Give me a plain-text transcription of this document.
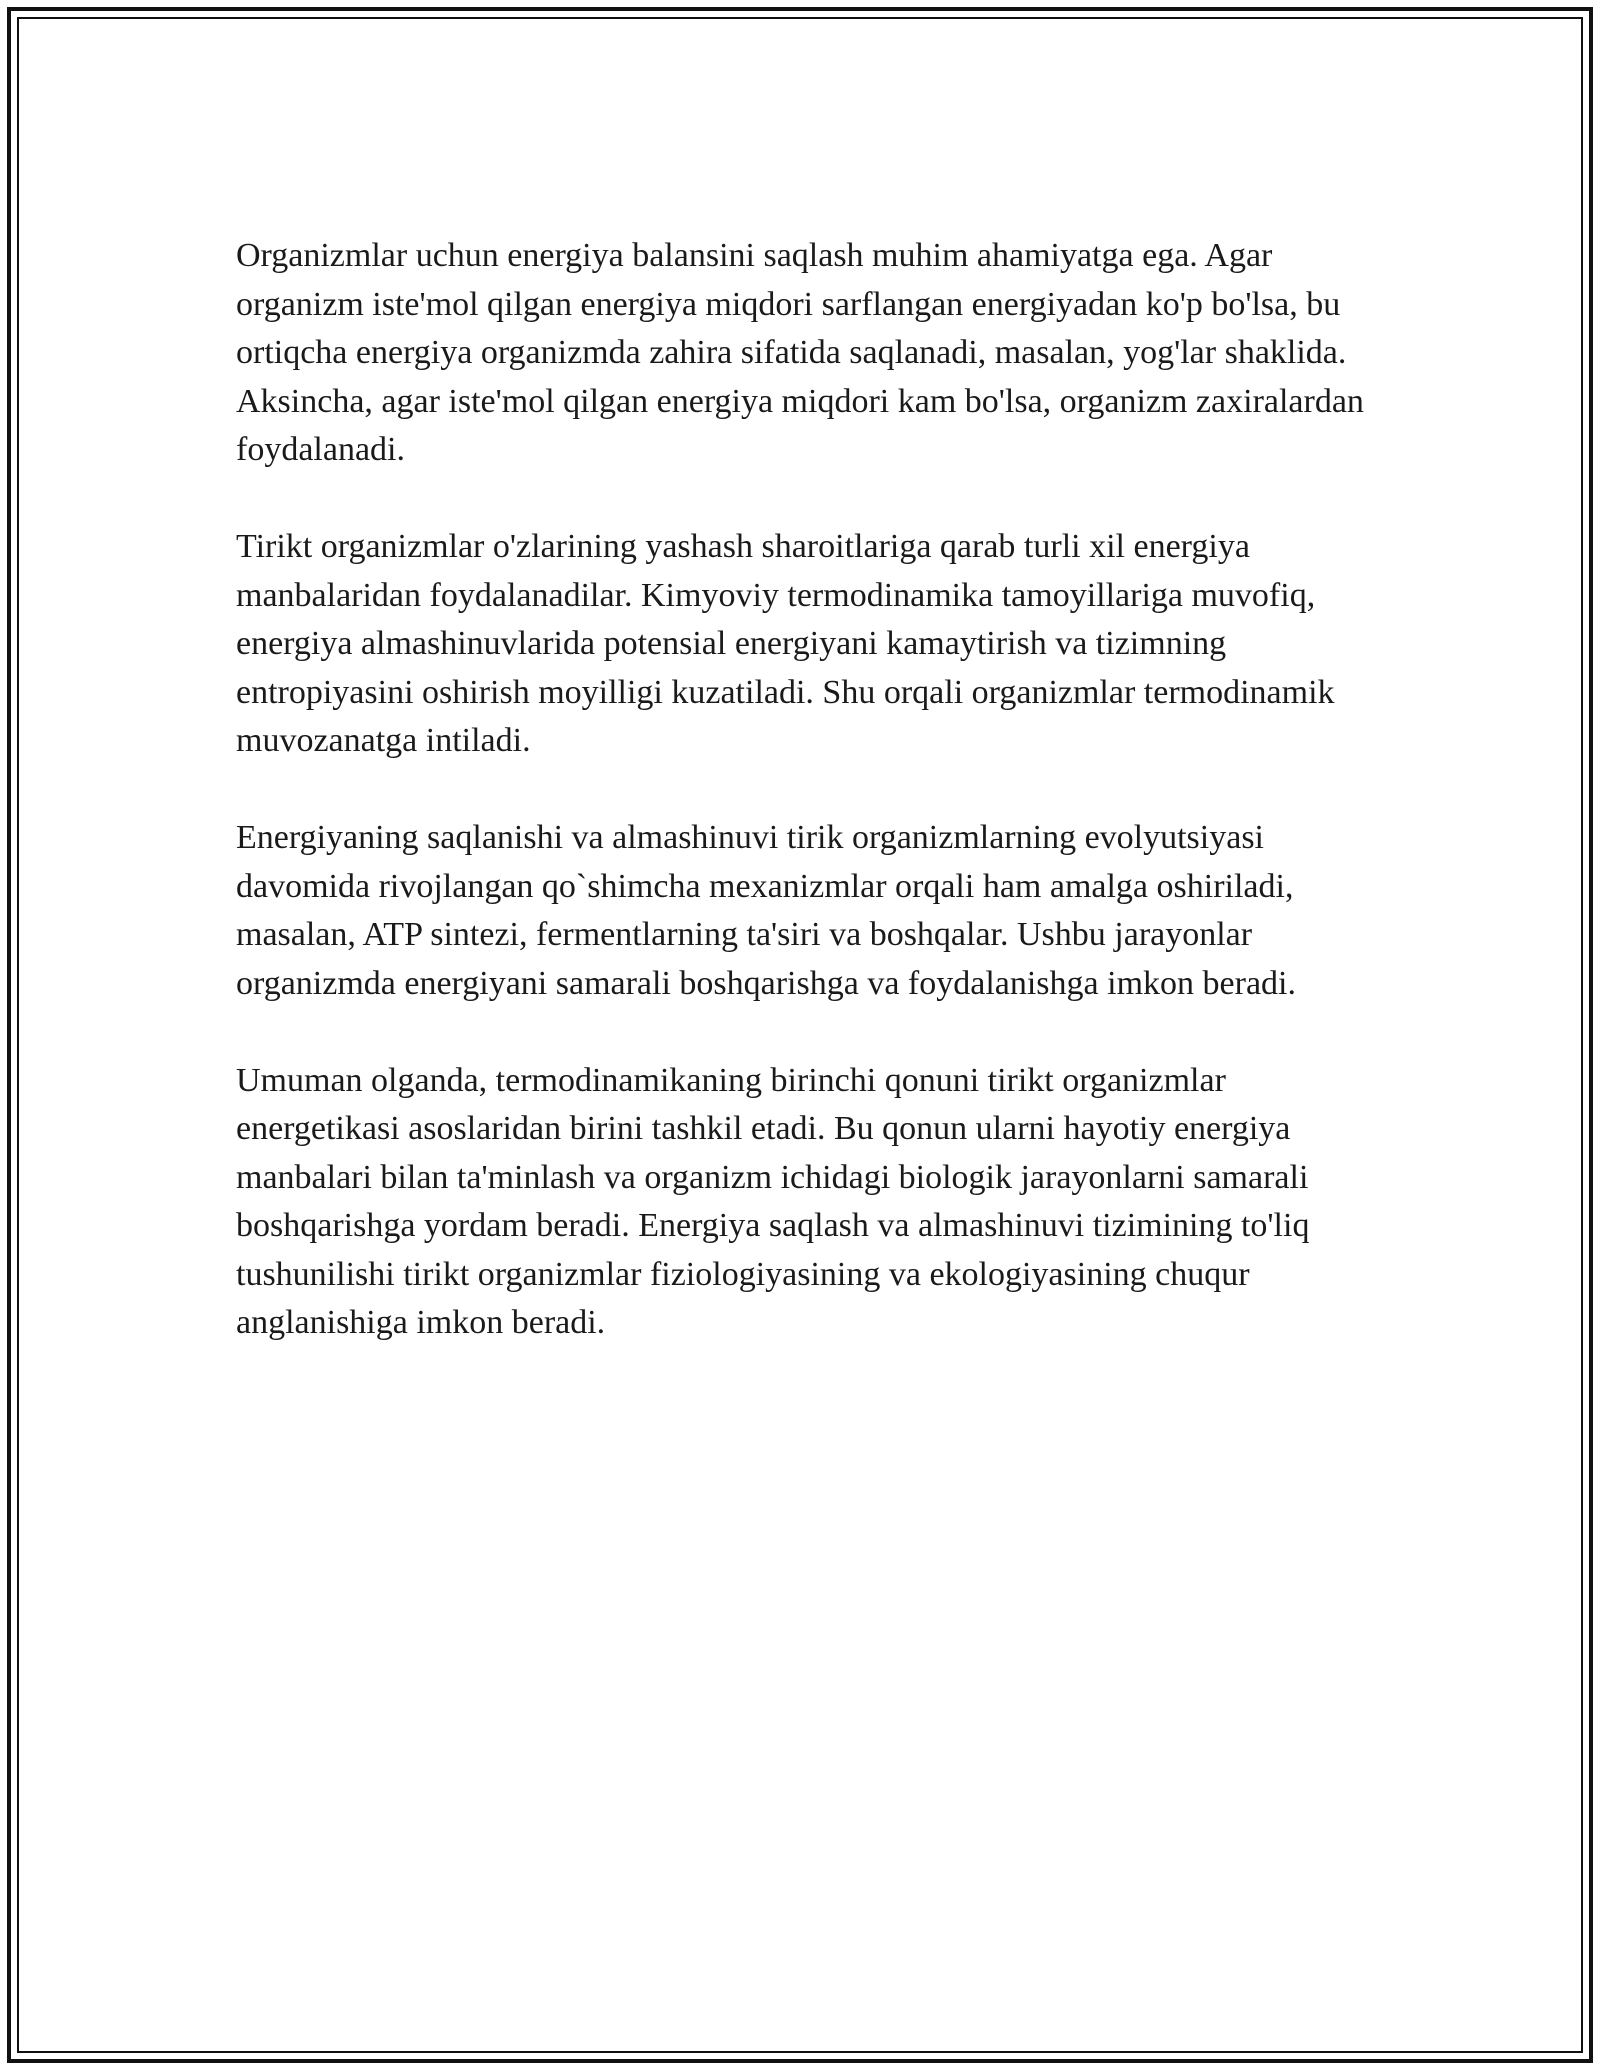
Organizmlar uchun energiya balansini saqlash muhim ahamiyatga ega. Agar organizm iste'mol qilgan energiya miqdori sarflangan energiyadan ko'p bo'lsa, bu ortiqcha energiya organizmda zahira sifatida saqlanadi, masalan, yog'lar shaklida. Aksincha, agar iste'mol qilgan energiya miqdori kam bo'lsa, organizm zaxiralardan foydalanadi.

Tirikt organizmlar o'zlarining yashash sharoitlariga qarab turli xil energiya manbalaridan foydalanadilar. Kimyoviy termodinamika tamoyillariga muvofiq, energiya almashinuvlarida potensial energiyani kamaytirish va tizimning entropiyasini oshirish moyilligi kuzatiladi. Shu orqali organizmlar termodinamik muvozanatga intiladi.

Energiyaning saqlanishi va almashinuvi tirik organizmlarning evolyutsiyasi davomida rivojlangan qo`shimcha mexanizmlar orqali ham amalga oshiriladi, masalan, ATP sintezi, fermentlarning ta'siri va boshqalar. Ushbu jarayonlar organizmda energiyani samarali boshqarishga va foydalanishga imkon beradi.

Umuman olganda, termodinamikaning birinchi qonuni tirikt organizmlar energetikasi asoslaridan birini tashkil etadi. Bu qonun ularni hayotiy energiya manbalari bilan ta'minlash va organizm ichidagi biologik jarayonlarni samarali boshqarishga yordam beradi. Energiya saqlash va almashinuvi tizimining to'liq tushunilishi tirikt organizmlar fiziologiyasining va ekologiyasining chuqur anglanishiga imkon beradi.
